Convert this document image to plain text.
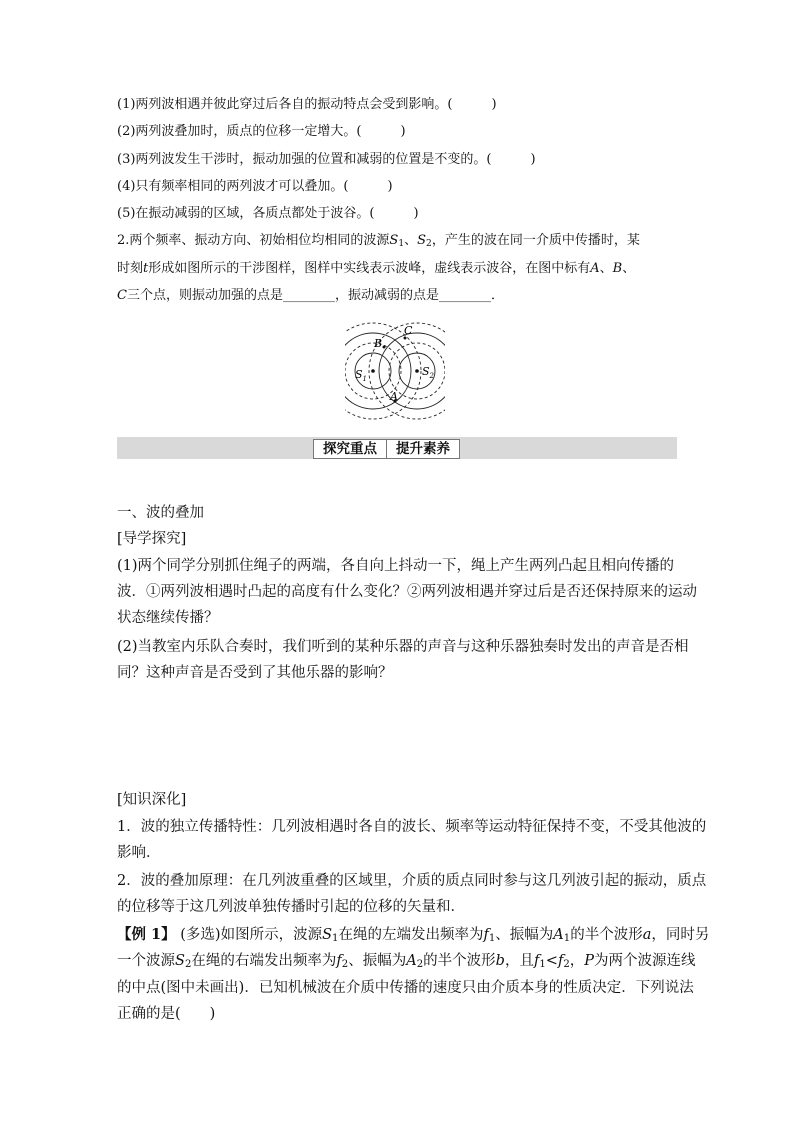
(1)两列波相遇并彼此穿过后各自的振动特点会受到影响。(　　　)
(2)两列波叠加时，质点的位移一定增大。(　　　)
(3)两列波发生干涉时，振动加强的位置和减弱的位置是不变的。(　　　)
(4)只有频率相同的两列波才可以叠加。(　　　)
(5)在振动减弱的区域，各质点都处于波谷。(　　　)
2.两个频率、振动方向、初始相位均相同的波源$S_1$、$S_2$，产生的波在同一介质中传播时，某
时刻t形成如图所示的干涉图样，图样中实线表示波峰，虚线表示波谷，在图中标有A、B、
C三个点，则振动加强的点是________，振动减弱的点是________．
B
C
A
$S_1$
$S_2$
探究重点	提升素养
一、波的叠加
[导学探究]
(1)两个同学分别抓住绳子的两端，各自向上抖动一下，绳上产生两列凸起且相向传播的
波．①两列波相遇时凸起的高度有什么变化？②两列波相遇并穿过后是否还保持原来的运动
状态继续传播？
(2)当教室内乐队合奏时，我们听到的某种乐器的声音与这种乐器独奏时发出的声音是否相
同？这种声音是否受到了其他乐器的影响？
[知识深化]
1．波的独立传播特性：几列波相遇时各自的波长、频率等运动特征保持不变，不受其他波的
影响．
2．波的叠加原理：在几列波重叠的区域里，介质的质点同时参与这几列波引起的振动，质点
的位移等于这几列波单独传播时引起的位移的矢量和．
【例 1】 (多选)如图所示，波源$S_1$在绳的左端发出频率为$f_1$、振幅为$A_1$的半个波形a，同时另
一个波源$S_2$在绳的右端发出频率为$f_2$、振幅为$A_2$的半个波形b，且$f_1<f_2$，P为两个波源连线
的中点(图中未画出)．已知机械波在介质中传播的速度只由介质本身的性质决定．下列说法
正确的是(　　)
